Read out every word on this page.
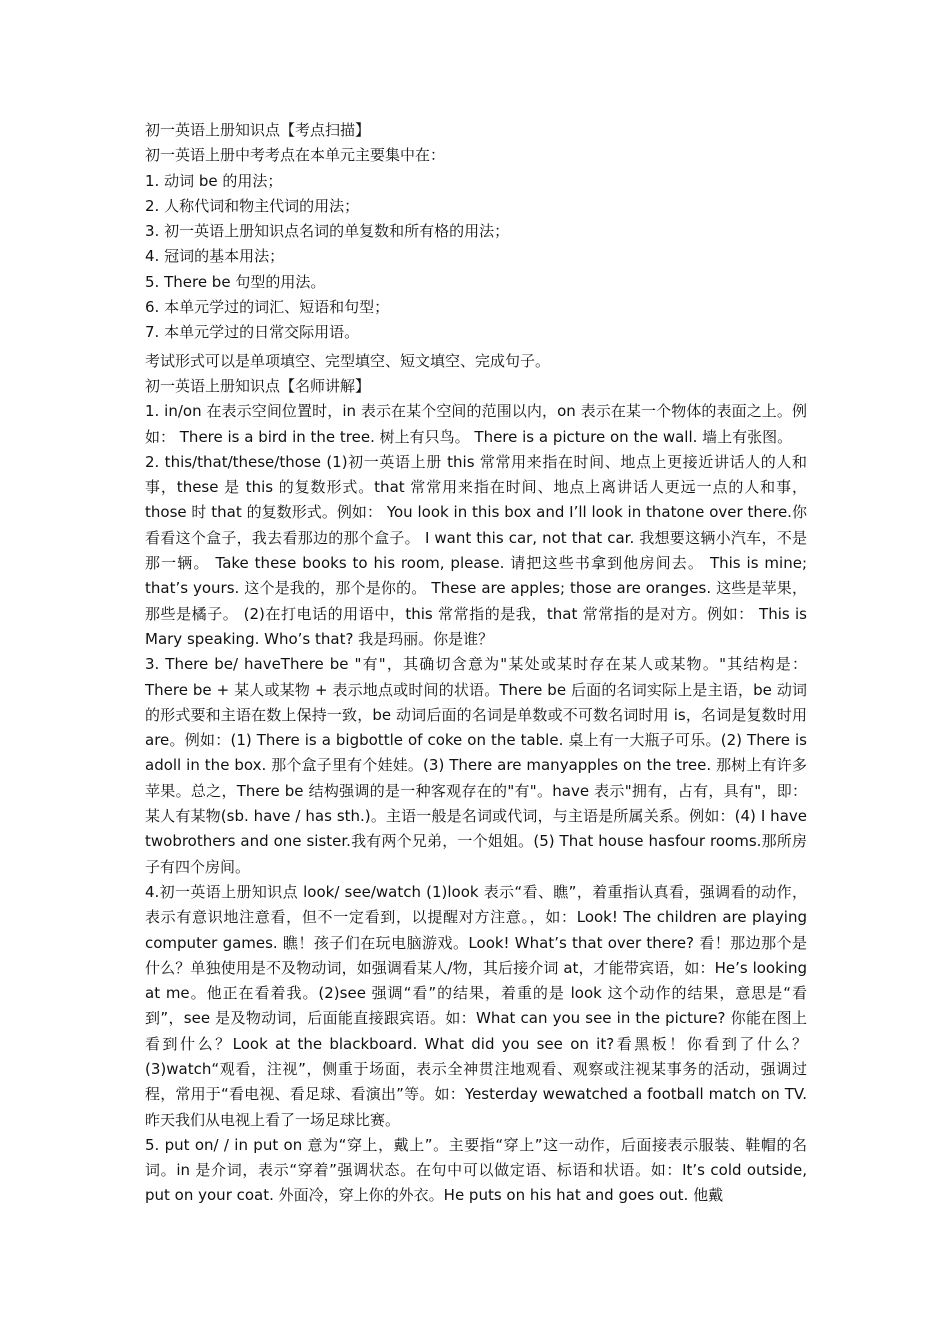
初一英语上册知识点【考点扫描】

初一英语上册中考考点在本单元主要集中在：

1. 动词 be 的用法；

2. 人称代词和物主代词的用法；

3. 初一英语上册知识点名词的单复数和所有格的用法；

4. 冠词的基本用法；

5. There be 句型的用法。

6. 本单元学过的词汇、短语和句型；

7. 本单元学过的日常交际用语。

考试形式可以是单项填空、完型填空、短文填空、完成句子。

初一英语上册知识点【名师讲解】

1. in/on 在表示空间位置时，in 表示在某个空间的范围以内，on 表示在某一个物体的表面之上。例如： There is a bird in the tree. 树上有只鸟。 There is a picture on the wall. 墙上有张图。

2. this/that/these/those (1)初一英语上册 this 常常用来指在时间、地点上更接近讲话人的人和事，these 是 this 的复数形式。that 常常用来指在时间、地点上离讲话人更远一点的人和事，those 时 that 的复数形式。例如： You look in this box and I’ll look in thatone over there.你看看这个盒子，我去看那边的那个盒子。 I want this car, not that car. 我想要这辆小汽车，不是那一辆。 Take these books to his room, please. 请把这些书拿到他房间去。 This is mine; that’s yours. 这个是我的，那个是你的。 These are apples; those are oranges. 这些是苹果，那些是橘子。 (2)在打电话的用语中，this 常常指的是我，that 常常指的是对方。例如： This is Mary speaking. Who’s that? 我是玛丽。你是谁？

3. There be/ haveThere be "有"，其确切含意为"某处或某时存在某人或某物。"其结构是：There be + 某人或某物 + 表示地点或时间的状语。There be 后面的名词实际上是主语，be 动词的形式要和主语在数上保持一致，be 动词后面的名词是单数或不可数名词时用 is，名词是复数时用 are。例如：(1) There is a bigbottle of coke on the table. 桌上有一大瓶子可乐。(2) There is adoll in the box. 那个盒子里有个娃娃。(3) There are manyapples on the tree. 那树上有许多苹果。总之，There be 结构强调的是一种客观存在的"有"。have 表示"拥有，占有，具有"，即：某人有某物(sb. have / has sth.)。主语一般是名词或代词，与主语是所属关系。例如：(4) I have twobrothers and one sister.我有两个兄弟，一个姐姐。(5) That house hasfour rooms.那所房子有四个房间。

4.初一英语上册知识点 look/ see/watch (1)look 表示“看、瞧”，着重指认真看，强调看的动作，表示有意识地注意看，但不一定看到，以提醒对方注意。，如：Look! The children are playing computer games. 瞧！孩子们在玩电脑游戏。Look! What’s that over there? 看！那边那个是什么？单独使用是不及物动词，如强调看某人/物，其后接介词 at，才能带宾语，如：He’s looking at me。他正在看着我。(2)see 强调“看”的结果，着重的是 look 这个动作的结果，意思是“看到”，see 是及物动词，后面能直接跟宾语。如：What can you see in the picture? 你能在图上看到什么？Look at the blackboard. What did you see on it?看黑板！你看到了什么？(3)watch“观看，注视”，侧重于场面，表示全神贯注地观看、观察或注视某事务的活动，强调过程，常用于“看电视、看足球、看演出”等。如：Yesterday wewatched a football match on TV.昨天我们从电视上看了一场足球比赛。

5. put on/ / in put on 意为“穿上，戴上”。主要指“穿上”这一动作，后面接表示服装、鞋帽的名词。in 是介词，表示“穿着”强调状态。在句中可以做定语、标语和状语。如：It’s cold outside, put on your coat. 外面冷，穿上你的外衣。He puts on his hat and goes out. 他戴
